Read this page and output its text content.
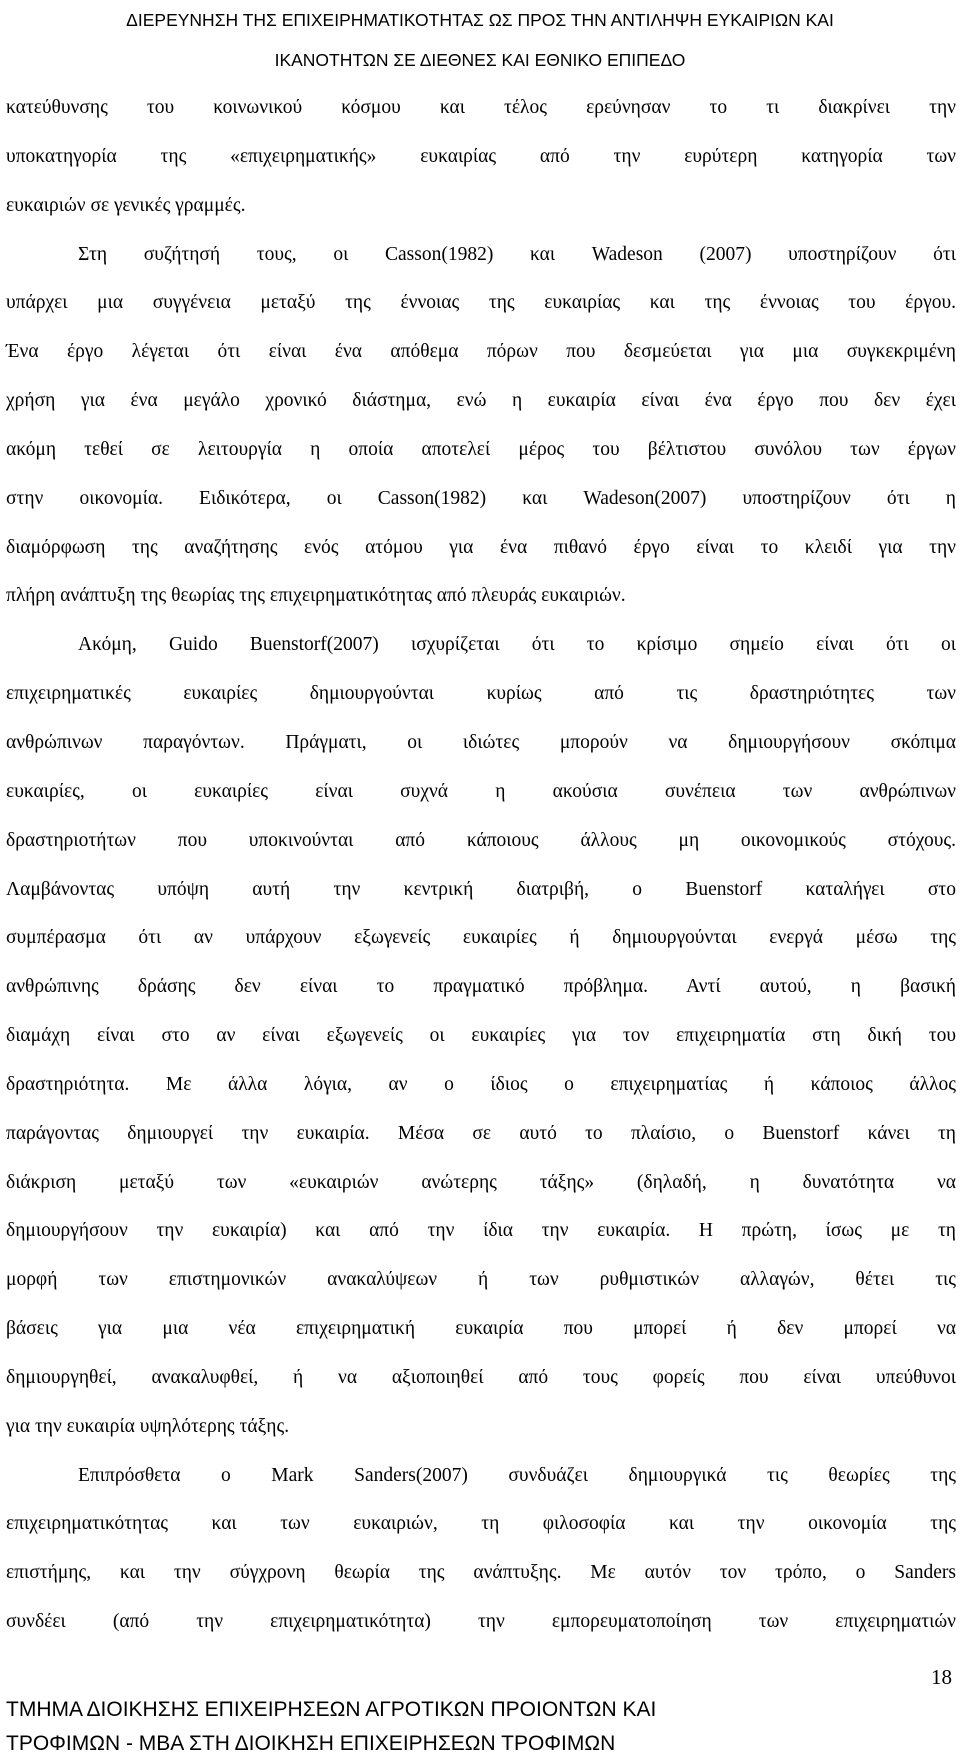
ΔΙΕΡΕΥΝΗΣΗ ΤΗΣ ΕΠΙΧΕΙΡΗΜΑΤΙΚΟΤΗΤΑΣ ΩΣ ΠΡΟΣ ΤΗΝ ΑΝΤΙΛΗΨΗ ΕΥΚΑΙΡΙΩΝ ΚΑΙ
ΙΚΑΝΟΤΗΤΩΝ ΣΕ ΔΙΕΘΝΕΣ ΚΑΙ ΕΘΝΙΚΟ ΕΠΙΠΕΔΟ
κατεύθυνσης του κοινωνικού κόσμου και τέλος ερεύνησαν το τι διακρίνει την
υποκατηγορία της «επιχειρηματικής» ευκαιρίας από την ευρύτερη κατηγορία των
ευκαιριών σε γενικές γραμμές.
Στη συζήτησή τους, οι Casson(1982) και Wadeson (2007) υποστηρίζουν ότι
υπάρχει μια συγγένεια μεταξύ της έννοιας της ευκαιρίας και της έννοιας του έργου.
Ένα έργο λέγεται ότι είναι ένα απόθεμα πόρων που δεσμεύεται για μια συγκεκριμένη
χρήση για ένα μεγάλο χρονικό διάστημα, ενώ η ευκαιρία είναι ένα έργο που δεν έχει
ακόμη τεθεί σε λειτουργία η οποία αποτελεί μέρος του βέλτιστου συνόλου των έργων
στην οικονομία. Ειδικότερα, οι Casson(1982) και Wadeson(2007) υποστηρίζουν ότι η
διαμόρφωση της αναζήτησης ενός ατόμου για ένα πιθανό έργο είναι το κλειδί για την
πλήρη ανάπτυξη της θεωρίας της επιχειρηματικότητας από πλευράς ευκαιριών.
Ακόμη, Guido Buenstorf(2007) ισχυρίζεται ότι το κρίσιμο σημείο είναι ότι οι
επιχειρηματικές ευκαιρίες δημιουργούνται κυρίως από τις δραστηριότητες των
ανθρώπινων παραγόντων. Πράγματι, οι ιδιώτες μπορούν να δημιουργήσουν σκόπιμα
ευκαιρίες, οι ευκαιρίες είναι συχνά η ακούσια συνέπεια των ανθρώπινων
δραστηριοτήτων που υποκινούνται από κάποιους άλλους μη οικονομικούς στόχους.
Λαμβάνοντας υπόψη αυτή την κεντρική διατριβή, ο Buenstorf καταλήγει στο
συμπέρασμα ότι αν υπάρχουν εξωγενείς ευκαιρίες ή δημιουργούνται ενεργά μέσω της
ανθρώπινης δράσης δεν είναι το πραγματικό πρόβλημα. Αντί αυτού, η βασική
διαμάχη είναι στο αν είναι εξωγενείς οι ευκαιρίες για τον επιχειρηματία στη δική του
δραστηριότητα. Με άλλα λόγια, αν ο ίδιος ο επιχειρηματίας ή κάποιος άλλος
παράγοντας δημιουργεί την ευκαιρία. Μέσα σε αυτό το πλαίσιο, ο Buenstorf κάνει τη
διάκριση μεταξύ των «ευκαιριών ανώτερης τάξης» (δηλαδή, η δυνατότητα να
δημιουργήσουν την ευκαιρία) και από την ίδια την ευκαιρία. Η πρώτη, ίσως με τη
μορφή των επιστημονικών ανακαλύψεων ή των ρυθμιστικών αλλαγών, θέτει τις
βάσεις για μια νέα επιχειρηματική ευκαιρία που μπορεί ή δεν μπορεί να
δημιουργηθεί, ανακαλυφθεί, ή να αξιοποιηθεί από τους φορείς που είναι υπεύθυνοι
για την ευκαιρία υψηλότερης τάξης.
Επιπρόσθετα ο Mark Sanders(2007) συνδυάζει δημιουργικά τις θεωρίες της
επιχειρηματικότητας και των ευκαιριών, τη φιλοσοφία και την οικονομία της
επιστήμης, και την σύγχρονη θεωρία της ανάπτυξης. Με αυτόν τον τρόπο, ο Sanders
συνδέει (από την επιχειρηματικότητα) την εμπορευματοποίηση των επιχειρηματιών
18
ΤΜΗΜΑ ΔΙΟΙΚΗΣΗΣ ΕΠΙΧΕΙΡΗΣΕΩΝ ΑΓΡΟΤΙΚΩΝ ΠΡΟΙΟΝΤΩΝ ΚΑΙ
ΤΡΟΦΙΜΩΝ - ΜΒΑ ΣΤΗ ΔΙΟΙΚΗΣΗ ΕΠΙΧΕΙΡΗΣΕΩΝ ΤΡΟΦΙΜΩΝ
